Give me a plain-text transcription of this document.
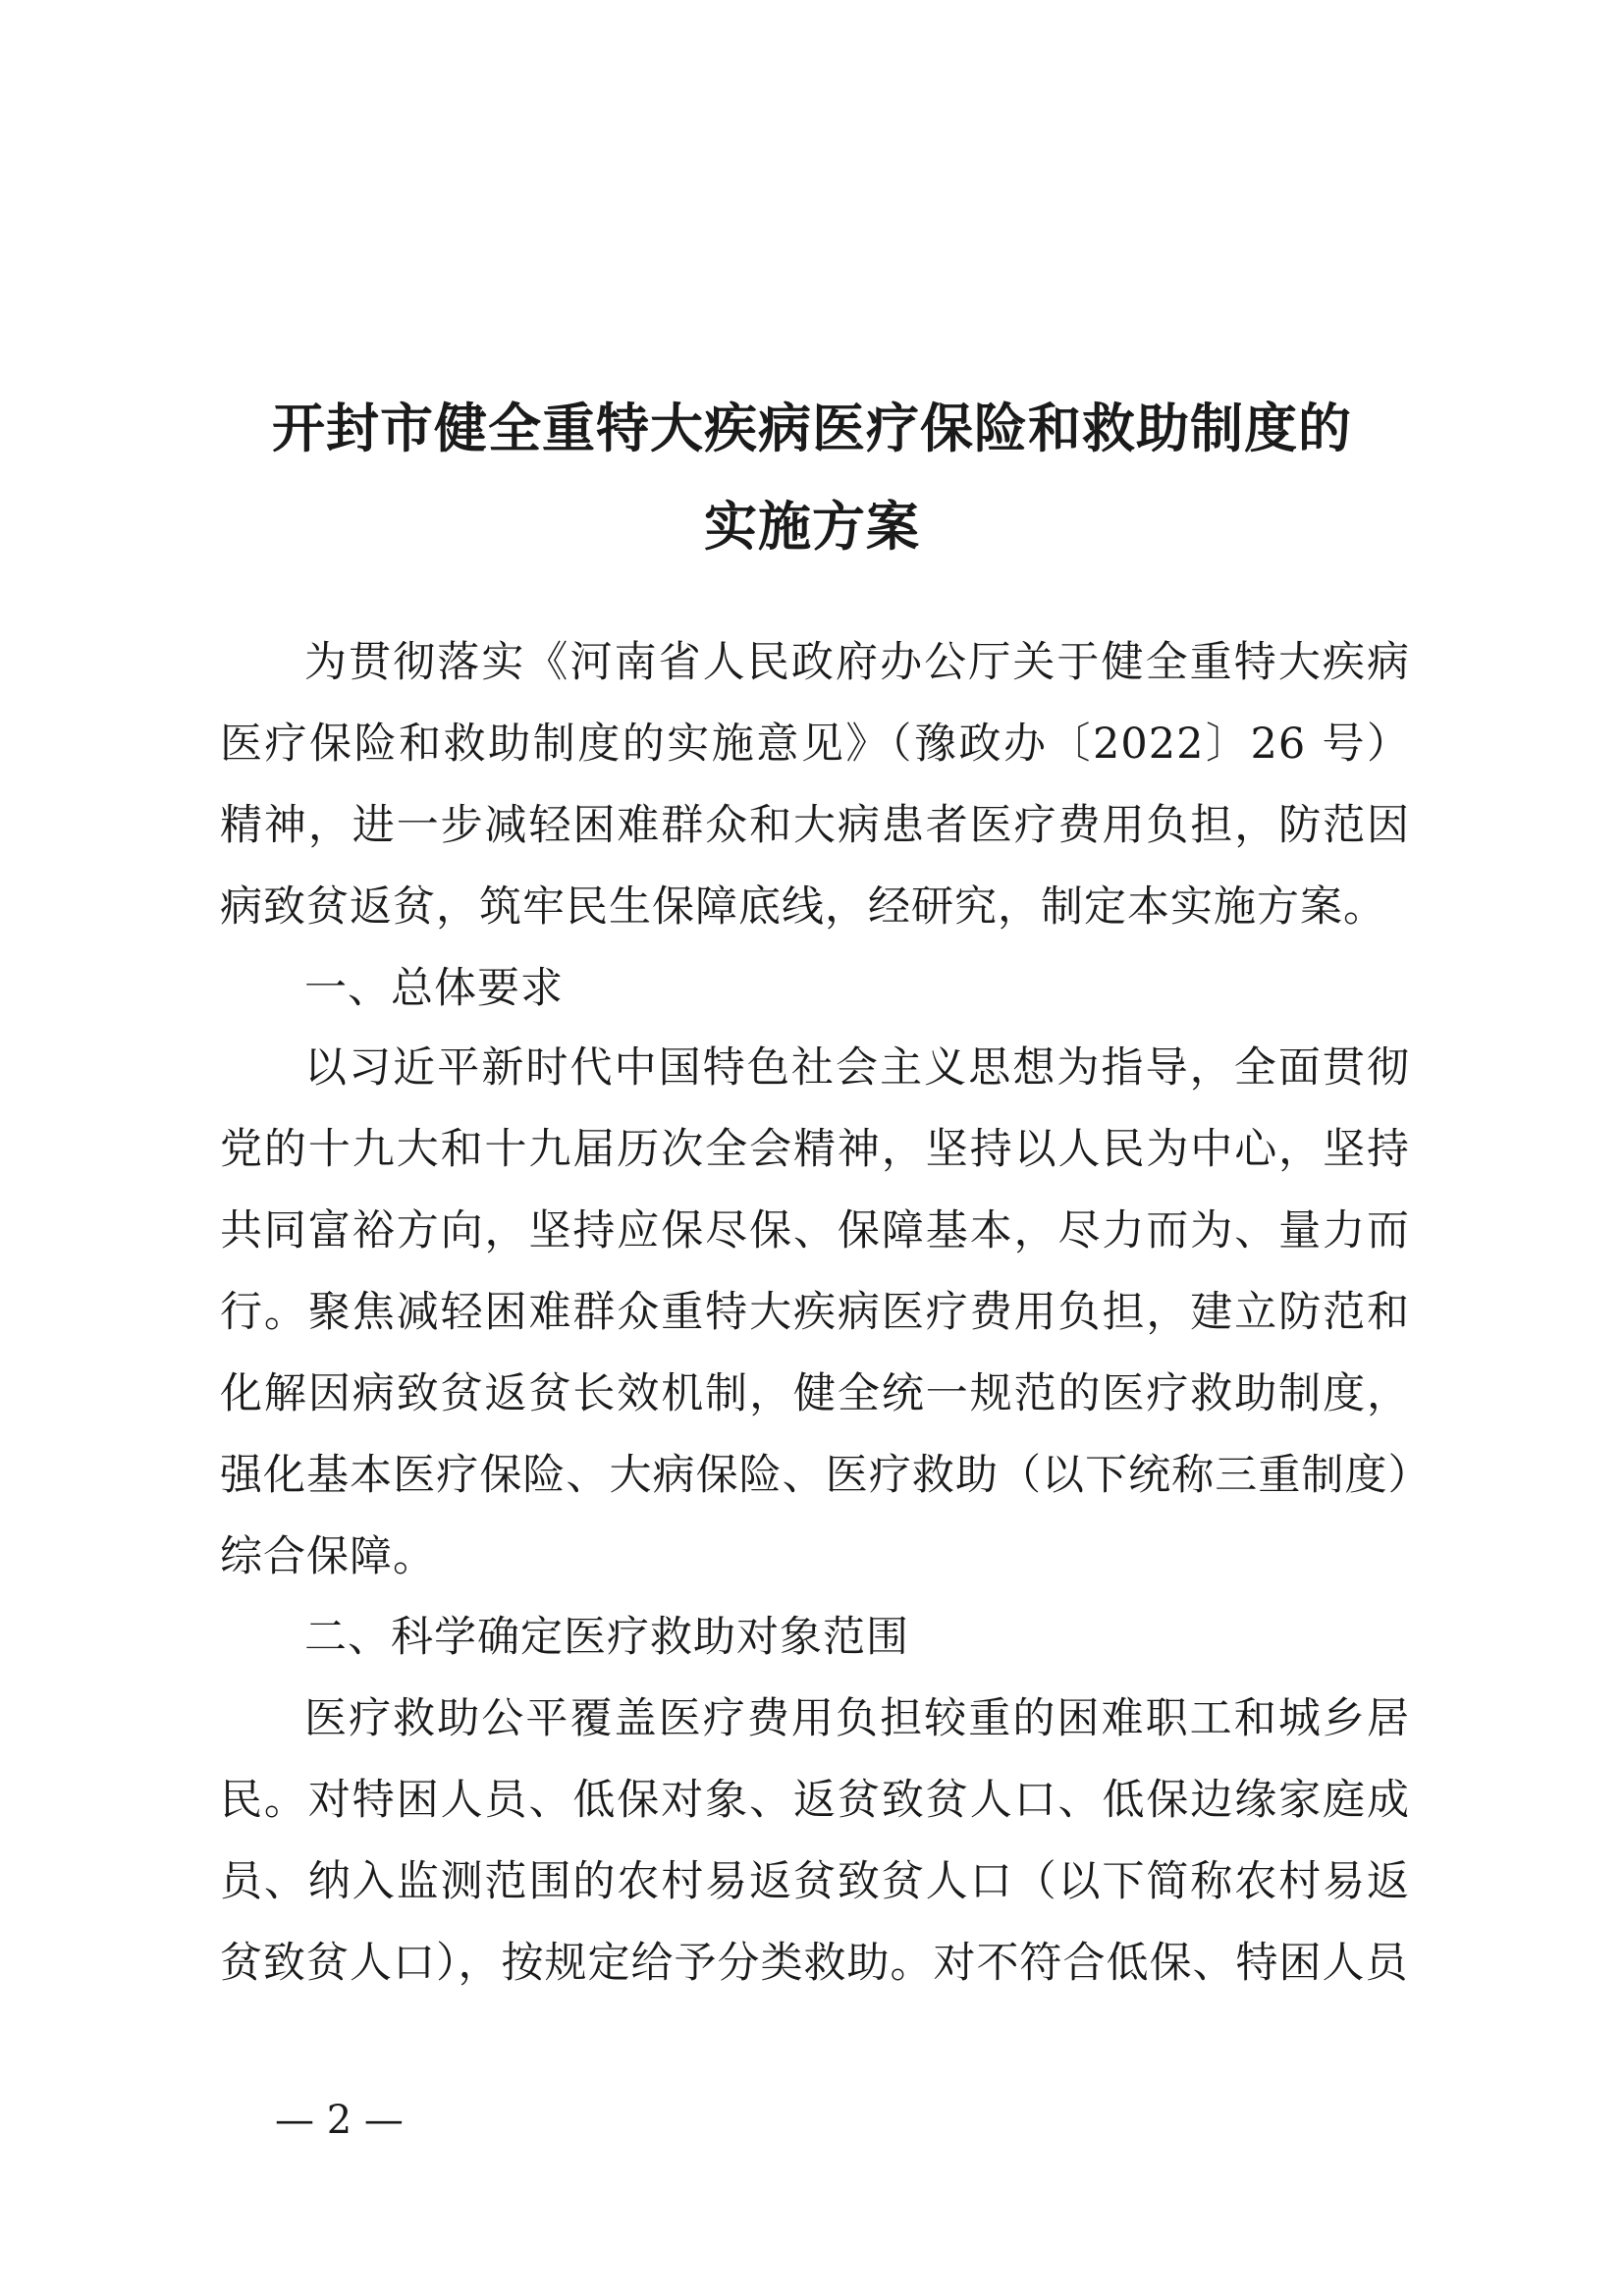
开封市健全重特大疾病医疗保险和救助制度的
实施方案

为贯彻落实《河南省人民政府办公厅关于健全重特大疾病医疗保险和救助制度的实施意见》（豫政办〔2022〕26 号）精神，进一步减轻困难群众和大病患者医疗费用负担，防范因病致贫返贫，筑牢民生保障底线，经研究，制定本实施方案。

一、总体要求

以习近平新时代中国特色社会主义思想为指导，全面贯彻党的十九大和十九届历次全会精神，坚持以人民为中心，坚持共同富裕方向，坚持应保尽保、保障基本，尽力而为、量力而行。聚焦减轻困难群众重特大疾病医疗费用负担，建立防范和化解因病致贫返贫长效机制，健全统一规范的医疗救助制度，强化基本医疗保险、大病保险、医疗救助（以下统称三重制度）综合保障。

二、科学确定医疗救助对象范围

医疗救助公平覆盖医疗费用负担较重的困难职工和城乡居民。对特困人员、低保对象、返贫致贫人口、低保边缘家庭成员、纳入监测范围的农村易返贫致贫人口（以下简称农村易返贫致贫人口），按规定给予分类救助。对不符合低保、特困人员

— 2 —
